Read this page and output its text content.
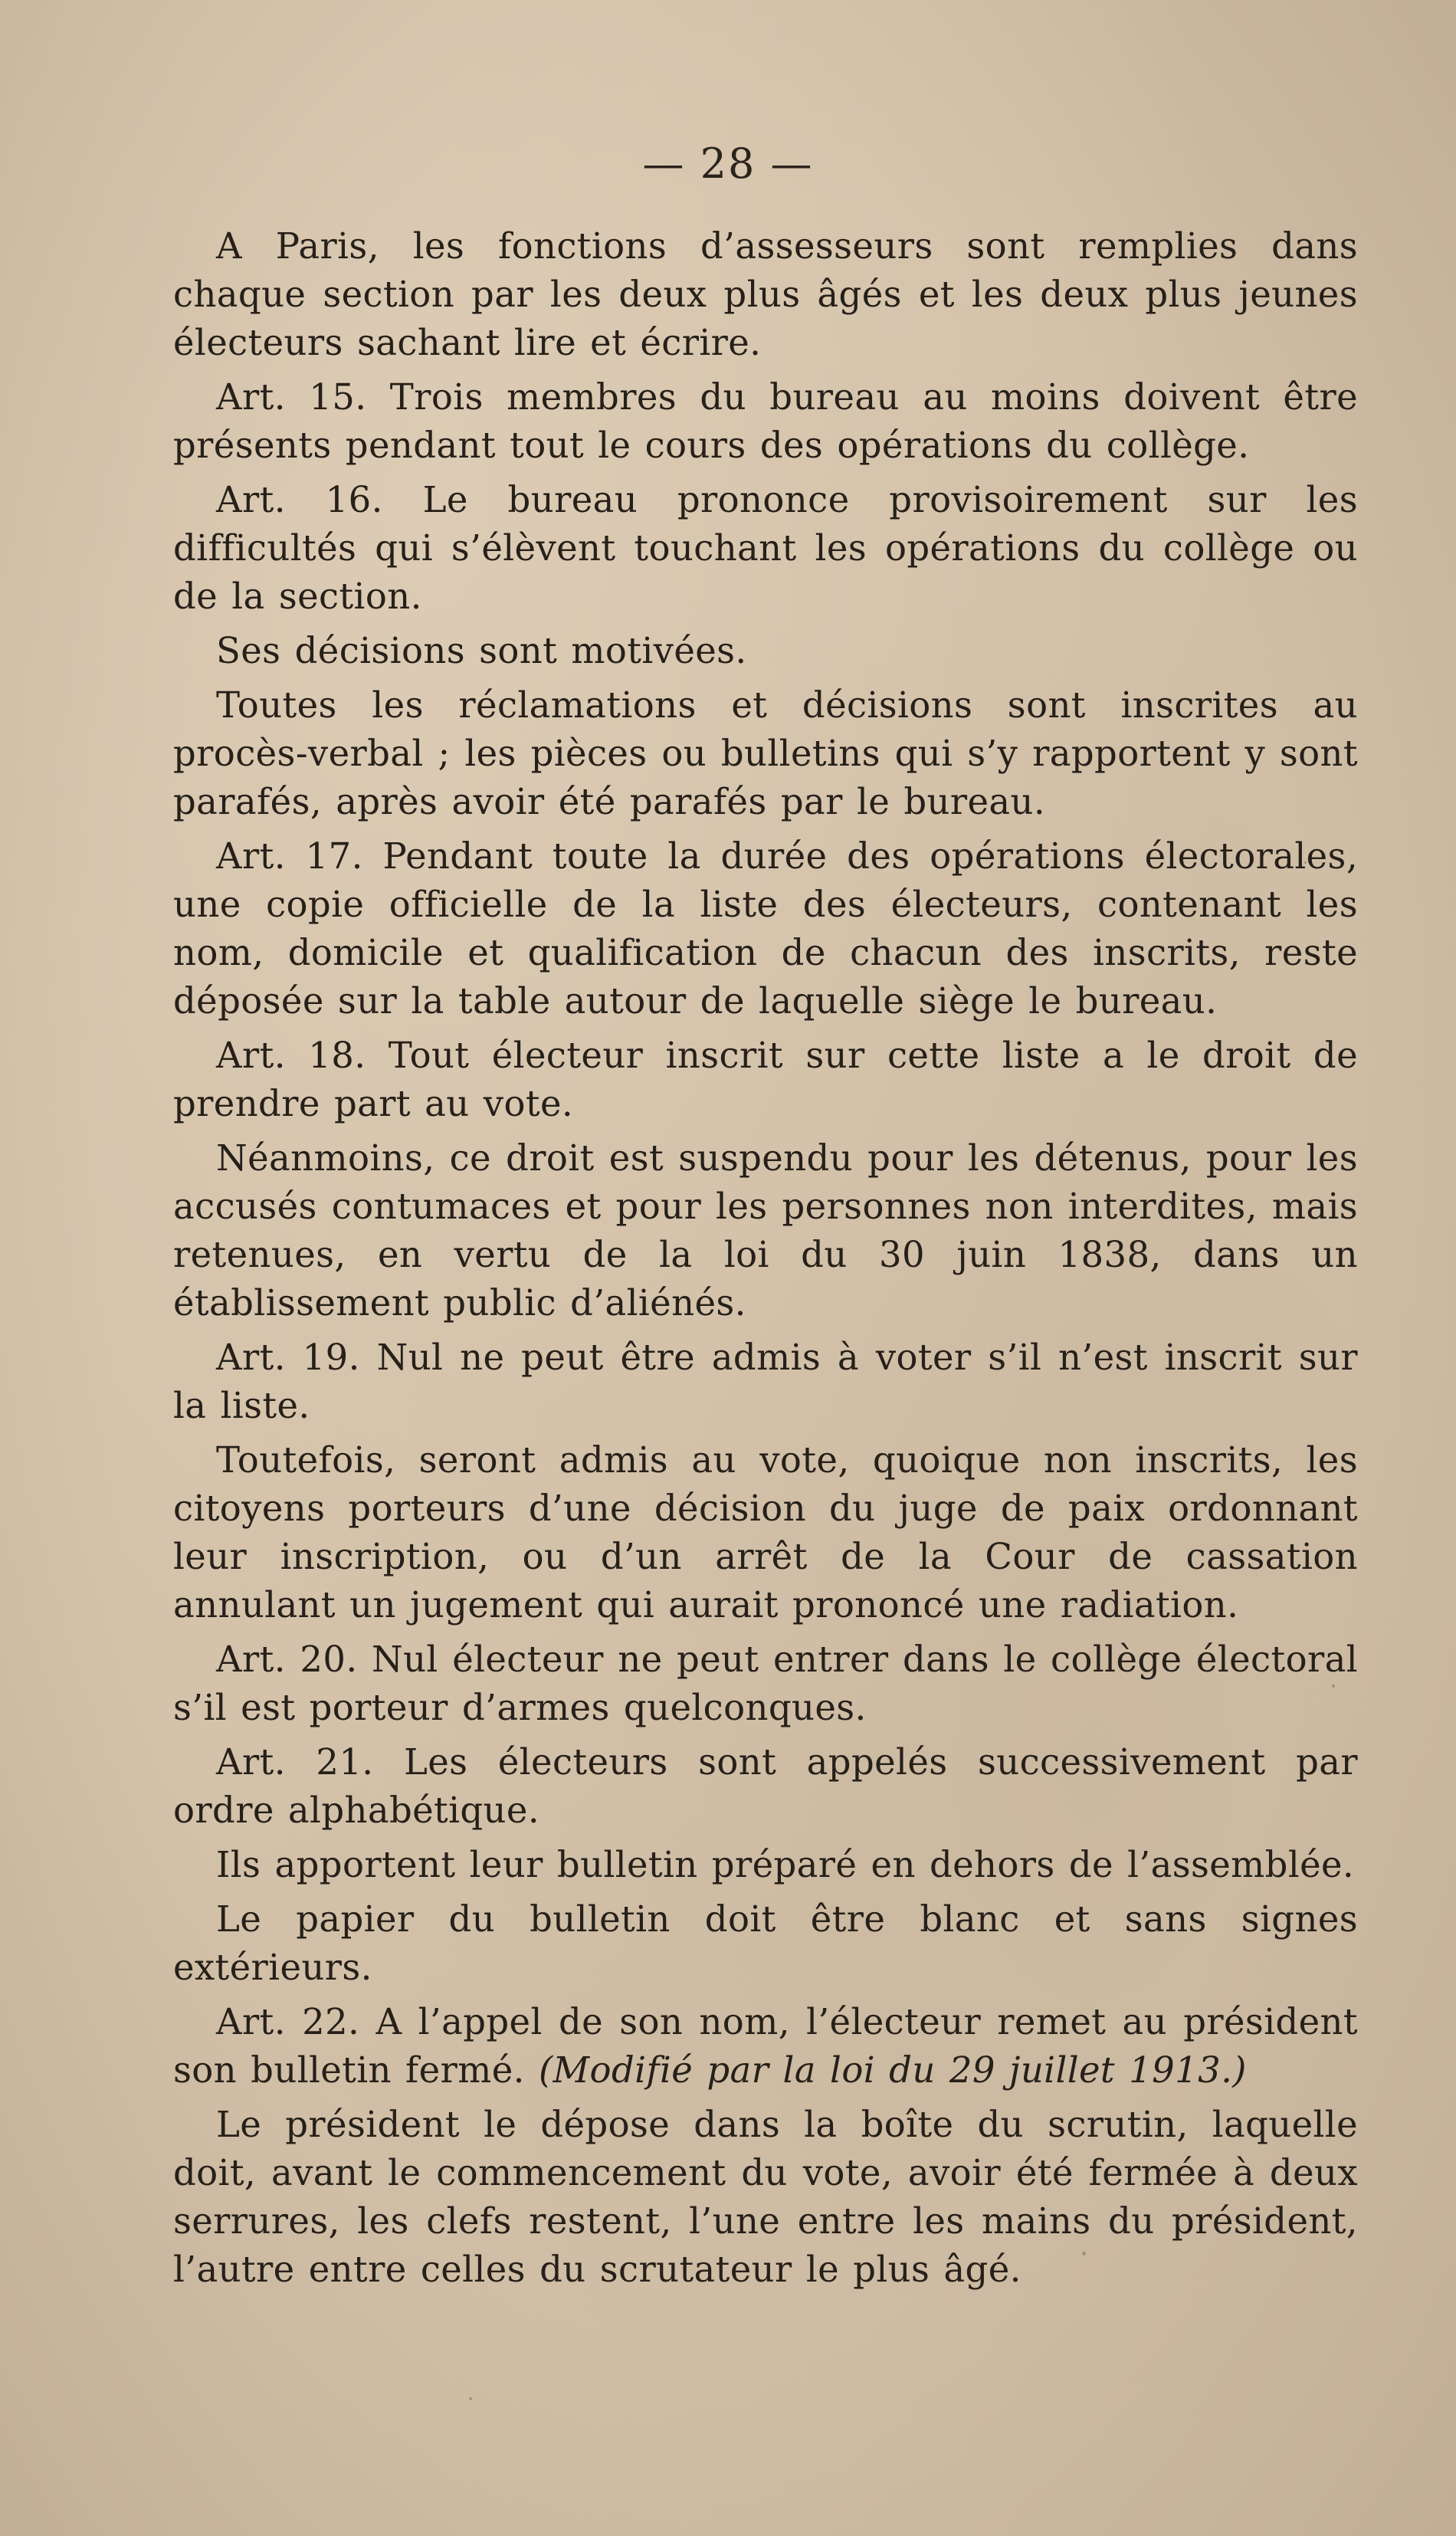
— 28 —

A Paris, les fonctions d’assesseurs sont remplies dans chaque section par les deux plus âgés et les deux plus jeunes électeurs sachant lire et écrire.

Art. 15. Trois membres du bureau au moins doivent être présents pendant tout le cours des opérations du collège.

Art. 16. Le bureau prononce provisoirement sur les difficultés qui s’élèvent touchant les opérations du collège ou de la section.

Ses décisions sont motivées.

Toutes les réclamations et décisions sont inscrites au procès-verbal ; les pièces ou bulletins qui s’y rapportent y sont parafés, après avoir été parafés par le bureau.

Art. 17. Pendant toute la durée des opérations électorales, une copie officielle de la liste des électeurs, contenant les nom, domicile et qualification de chacun des inscrits, reste déposée sur la table autour de laquelle siège le bureau.

Art. 18. Tout électeur inscrit sur cette liste a le droit de prendre part au vote.

Néanmoins, ce droit est suspendu pour les détenus, pour les accusés contumaces et pour les personnes non interdites, mais retenues, en vertu de la loi du 30 juin 1838, dans un établissement public d’aliénés.

Art. 19. Nul ne peut être admis à voter s’il n’est inscrit sur la liste.

Toutefois, seront admis au vote, quoique non inscrits, les citoyens porteurs d’une décision du juge de paix ordonnant leur inscription, ou d’un arrêt de la Cour de cassation annulant un jugement qui aurait prononcé une radiation.

Art. 20. Nul électeur ne peut entrer dans le collège électoral s’il est porteur d’armes quelconques.

Art. 21. Les électeurs sont appelés successivement par ordre alphabétique.

Ils apportent leur bulletin préparé en dehors de l’assemblée.

Le papier du bulletin doit être blanc et sans signes extérieurs.

Art. 22. A l’appel de son nom, l’électeur remet au président son bulletin fermé. (Modifié par la loi du 29 juillet 1913.)

Le président le dépose dans la boîte du scrutin, laquelle doit, avant le commencement du vote, avoir été fermée à deux serrures, les clefs restent, l’une entre les mains du président, l’autre entre celles du scrutateur le plus âgé.
